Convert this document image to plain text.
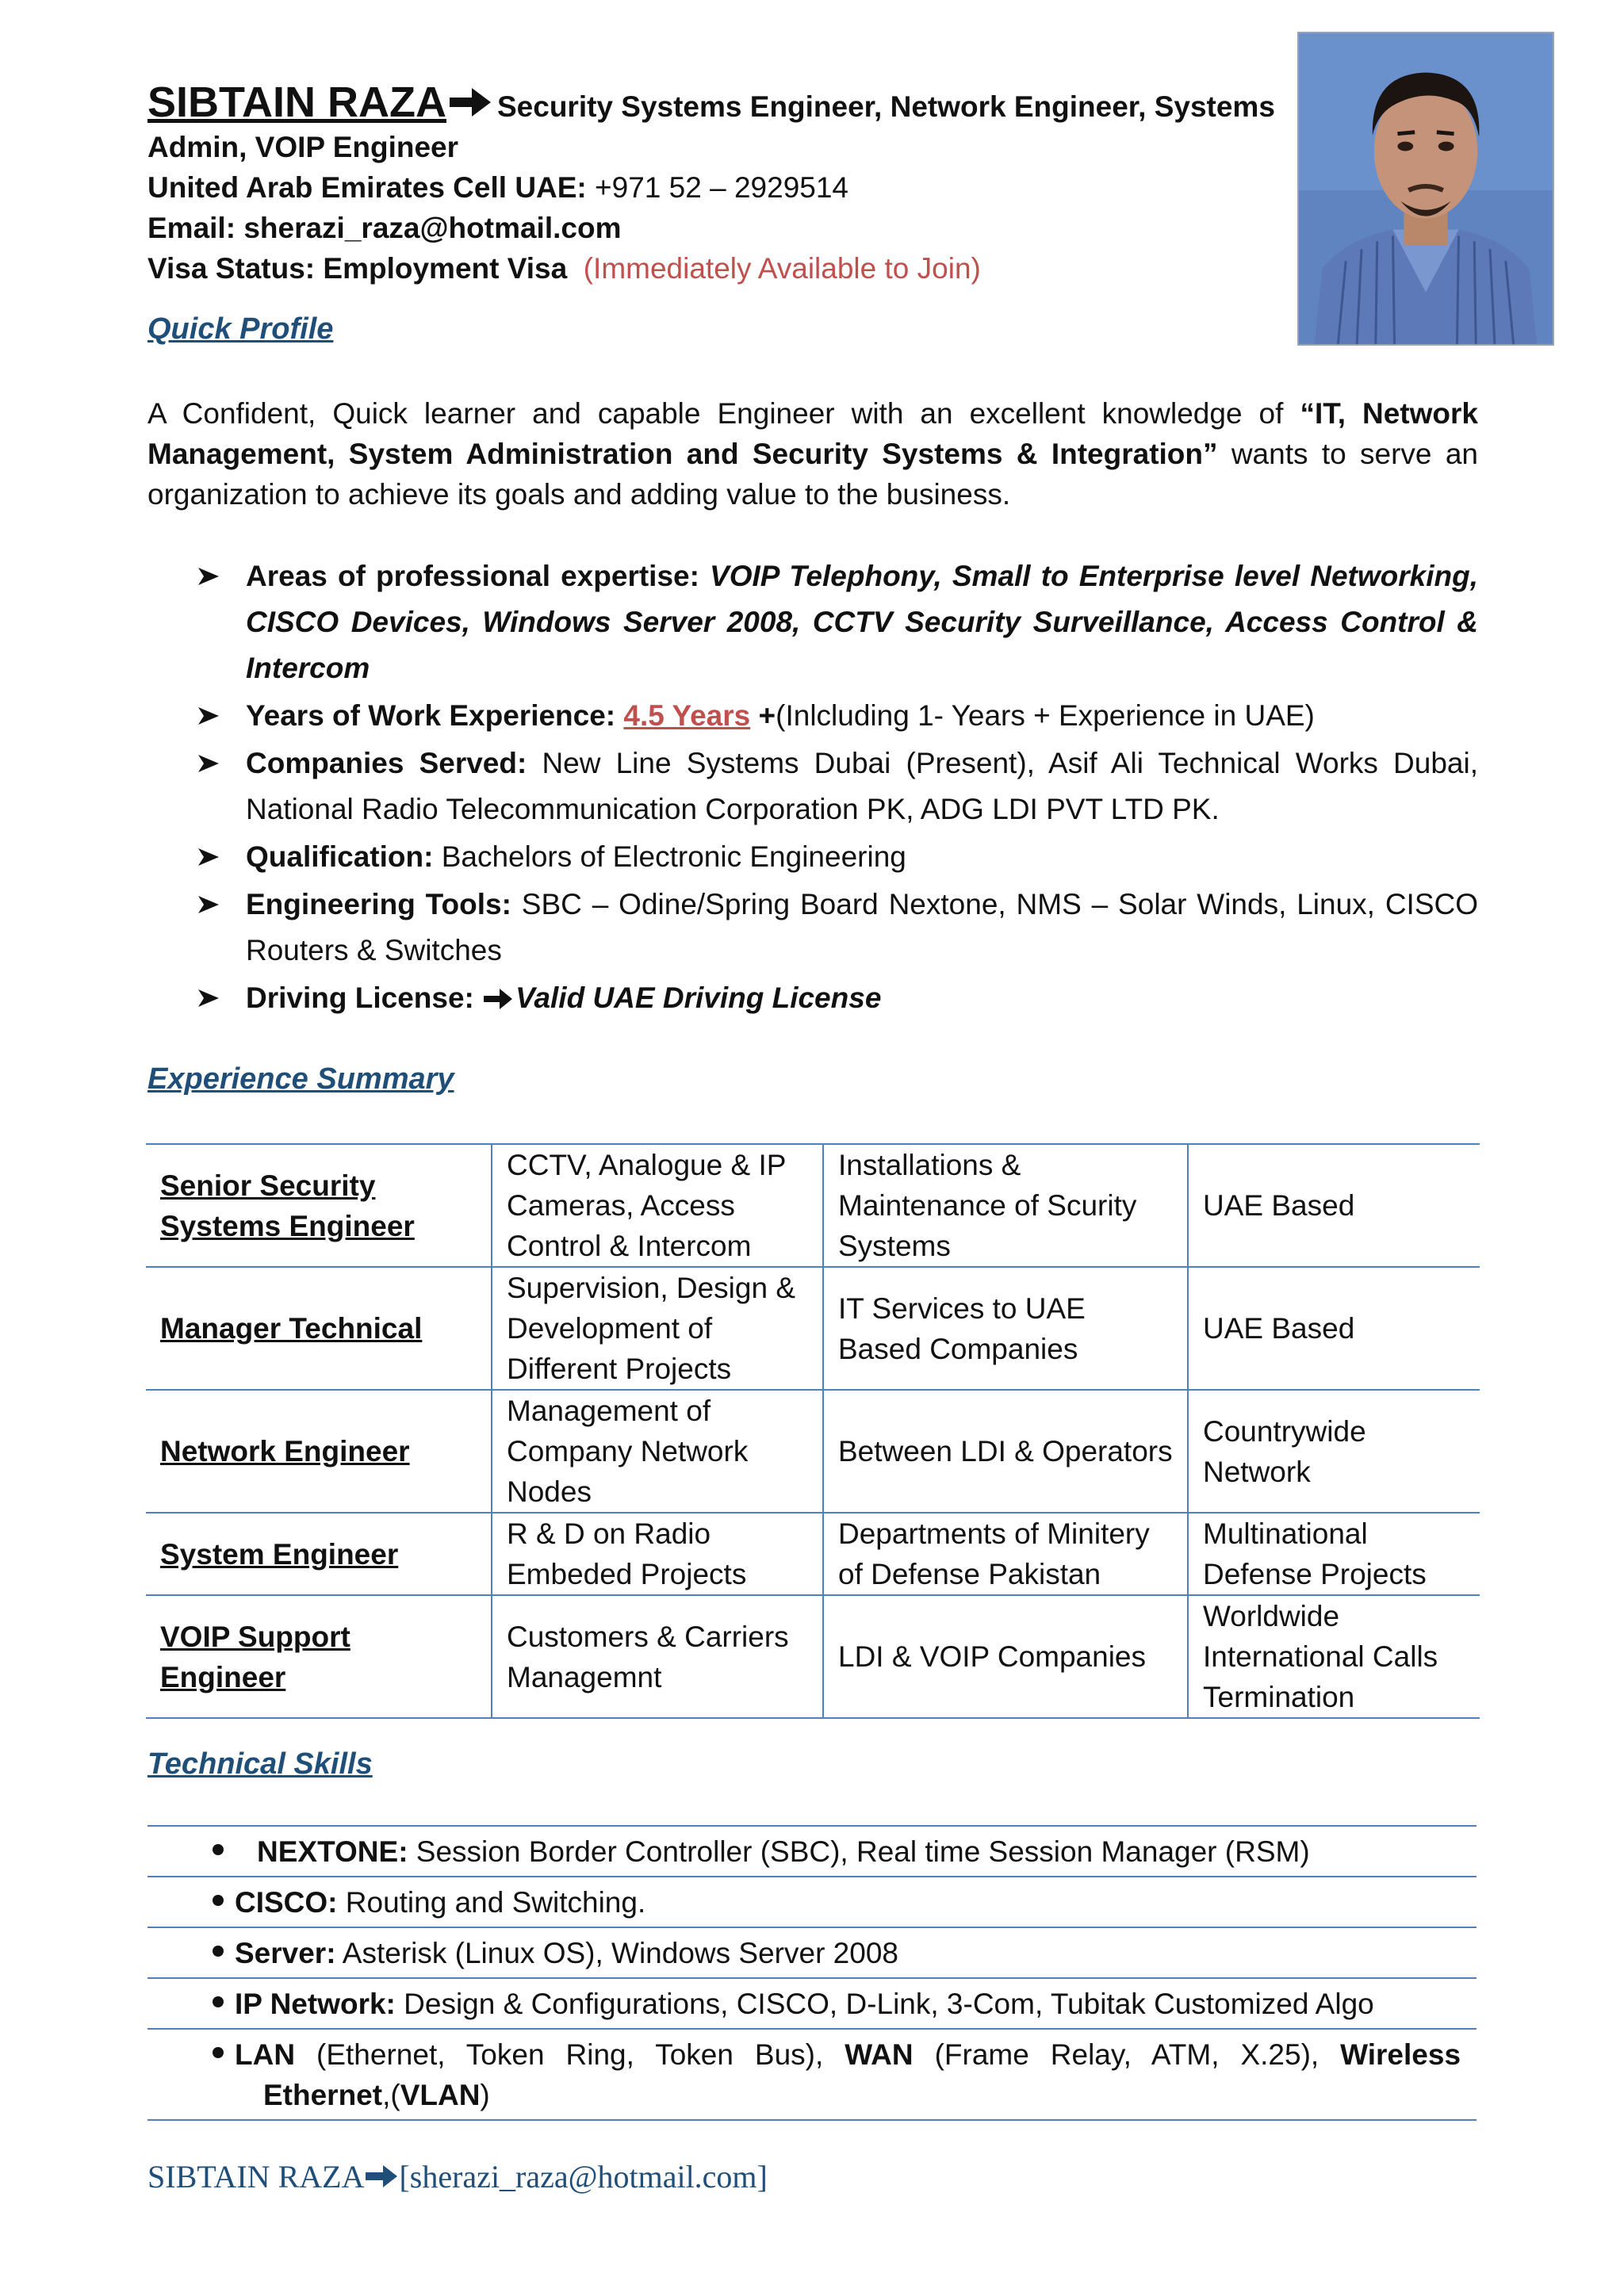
SIBTAIN RAZA Security Systems Engineer, Network Engineer, Systems
Admin, VOIP Engineer
United Arab Emirates Cell UAE: +971 52 – 2929514
Email: sherazi_raza@hotmail.com
Visa Status: Employment Visa (Immediately Available to Join)
Quick Profile
A Confident, Quick learner and capable Engineer with an excellent knowledge of “IT, Network Management, System Administration and Security Systems & Integration” wants to serve an organization to achieve its goals and adding value to the business.
Areas of professional expertise: VOIP Telephony, Small to Enterprise level Networking, CISCO Devices, Windows Server 2008, CCTV Security Surveillance, Access Control & Intercom
Years of Work Experience: 4.5 Years +(Inlcluding 1- Years + Experience in UAE)
Companies Served: New Line Systems Dubai (Present), Asif Ali Technical Works Dubai, National Radio Telecommunication Corporation PK, ADG LDI PVT LTD PK.
Qualification: Bachelors of Electronic Engineering
Engineering Tools: SBC – Odine/Spring Board Nextone, NMS – Solar Winds, Linux, CISCO Routers & Switches
Driving License: Valid UAE Driving License
Experience Summary
Senior Security Systems Engineer	CCTV, Analogue & IP Cameras, Access Control & Intercom	Installations & Maintenance of Scurity Systems	UAE Based
Manager Technical	Supervision, Design & Development of Different Projects	IT Services to UAE Based Companies	UAE Based
Network Engineer	Management of Company Network Nodes	Between LDI & Operators	Countrywide Network
System Engineer	R & D on Radio Embeded Projects	Departments of Minitery of Defense Pakistan	Multinational Defense Projects
VOIP Support Engineer	Customers & Carriers Managemnt	LDI & VOIP Companies	Worldwide International Calls Termination
Technical Skills
NEXTONE: Session Border Controller (SBC), Real time Session Manager (RSM)
CISCO: Routing and Switching.
Server: Asterisk (Linux OS), Windows Server 2008
IP Network: Design & Configurations, CISCO, D-Link, 3-Com, Tubitak Customized Algo
LAN (Ethernet, Token Ring, Token Bus), WAN (Frame Relay, ATM, X.25), Wireless
Ethernet,(VLAN)
SIBTAIN RAZA [sherazi_raza@hotmail.com]
